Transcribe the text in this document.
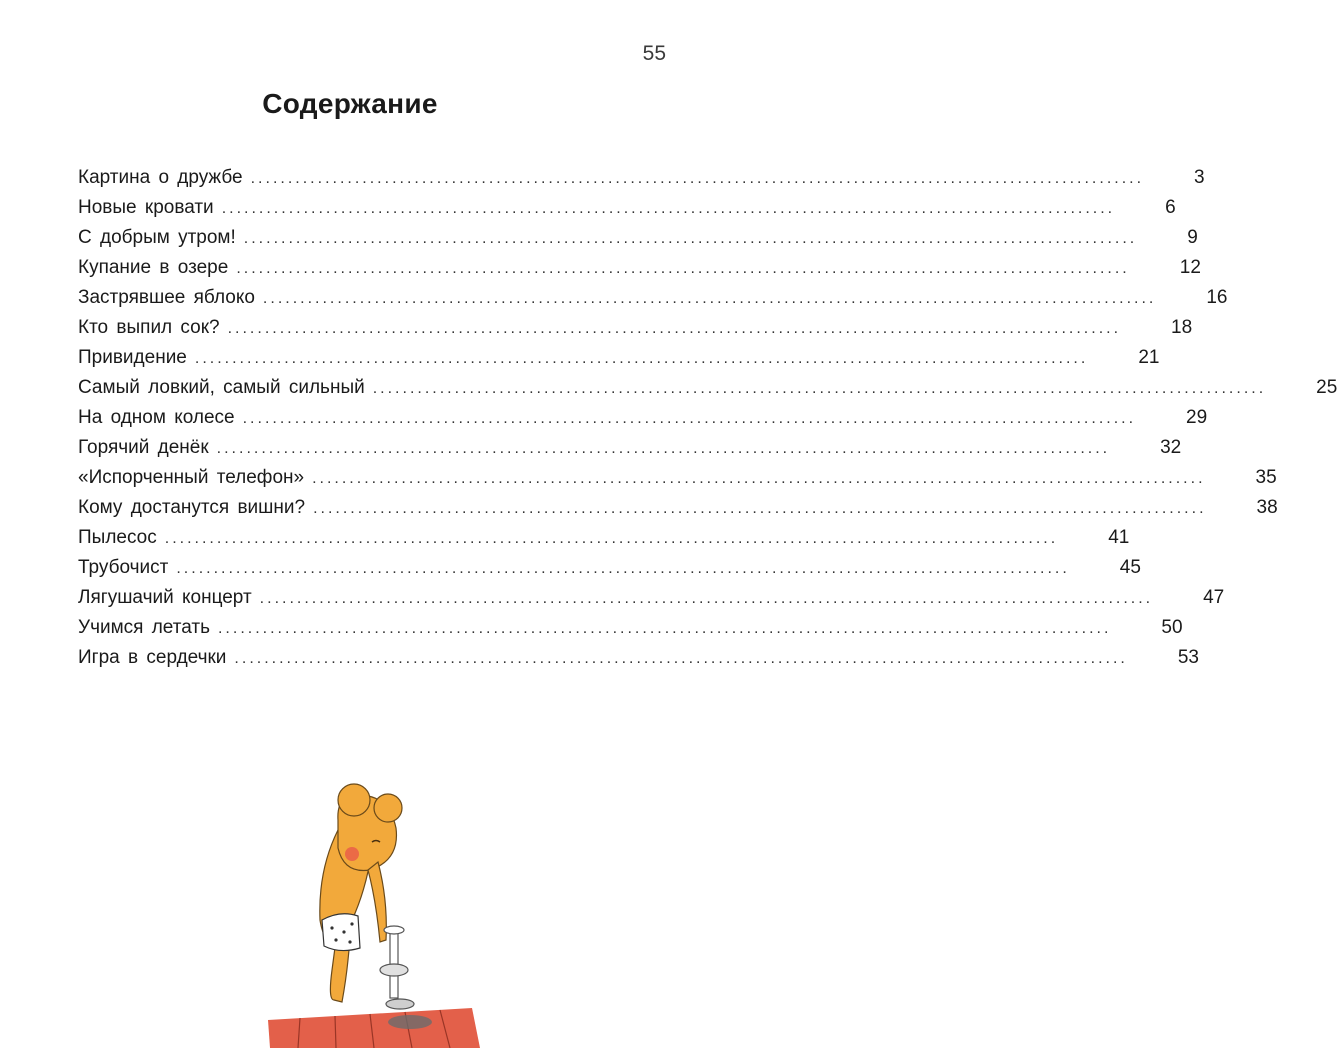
55
Содержание
Картина о дружбе ........................................................................................................................	3
Новые кровати ........................................................................................................................	6
С добрым утром! ........................................................................................................................	9
Купание в озере ........................................................................................................................	12
Застрявшее яблоко ........................................................................................................................	16
Кто выпил сок? ........................................................................................................................	18
Привидение ........................................................................................................................	21
Самый ловкий, самый сильный ........................................................................................................................	25
На одном колесе ........................................................................................................................	29
Горячий денёк ........................................................................................................................	32
«Испорченный телефон» ........................................................................................................................	35
Кому достанутся вишни? ........................................................................................................................	38
Пылесос ........................................................................................................................	41
Трубочист ........................................................................................................................	45
Лягушачий концерт ........................................................................................................................	47
Учимся летать ........................................................................................................................	50
Игра в сердечки ........................................................................................................................	53
